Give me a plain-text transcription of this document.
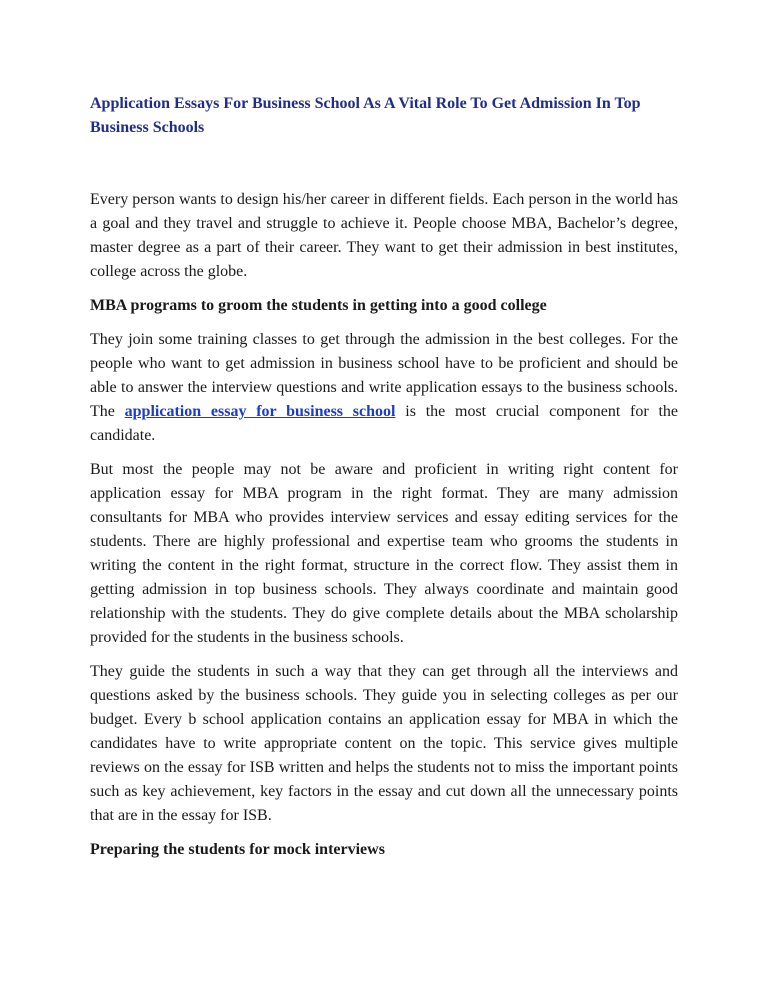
Application Essays For Business School As A Vital Role To Get Admission In Top Business Schools

Every person wants to design his/her career in different fields. Each person in the world has a goal and they travel and struggle to achieve it. People choose MBA, Bachelor’s degree, master degree as a part of their career. They want to get their admission in best institutes, college across the globe.

MBA programs to groom the students in getting into a good college

They join some training classes to get through the admission in the best colleges. For the people who want to get admission in business school have to be proficient and should be able to answer the interview questions and write application essays to the business schools. The application essay for business school is the most crucial component for the candidate.

But most the people may not be aware and proficient in writing right content for application essay for MBA program in the right format. They are many admission consultants for MBA who provides interview services and essay editing services for the students. There are highly professional and expertise team who grooms the students in writing the content in the right format, structure in the correct flow. They assist them in getting admission in top business schools. They always coordinate and maintain good relationship with the students. They do give complete details about the MBA scholarship provided for the students in the business schools.

They guide the students in such a way that they can get through all the interviews and questions asked by the business schools. They guide you in selecting colleges as per our budget. Every b school application contains an application essay for MBA in which the candidates have to write appropriate content on the topic. This service gives multiple reviews on the essay for ISB written and helps the students not to miss the important points such as key achievement, key factors in the essay and cut down all the unnecessary points that are in the essay for ISB.

Preparing the students for mock interviews
